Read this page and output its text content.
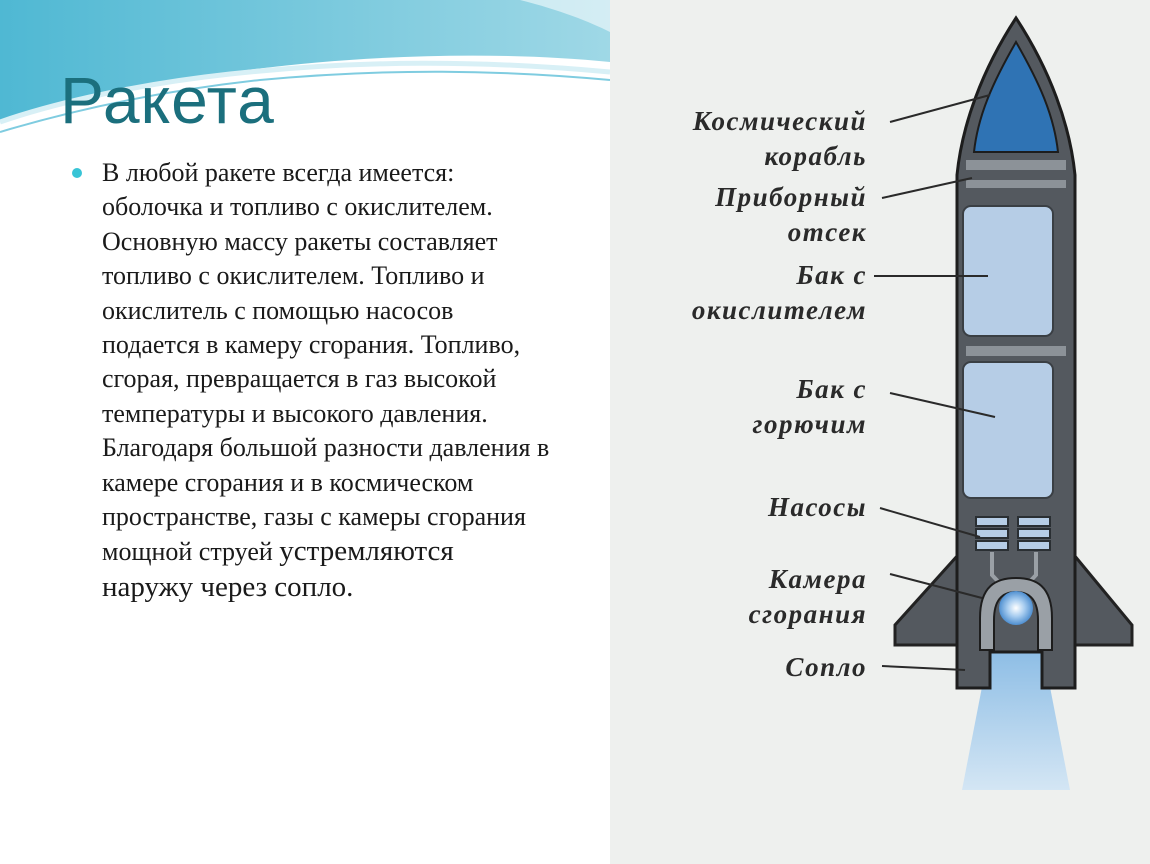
Ракета

В любой ракете всегда имеется: оболочка и топливо с окислителем. Основную массу ракеты составляет топливо с окислителем. Топливо и окислитель с помощью насосов подается в камеру сгорания. Топливо, сгорая, превращается в газ высокой температуры и высокого давления. Благодаря большой разности давления в камере сгорания и в космическом пространстве, газы с камеры сгорания мощной струей устремляются наружу через сопло.

Космический
корабль
Приборный
отсек
Бак с
окислителем
Бак с
горючим
Насосы
Камера
сгорания
Сопло
